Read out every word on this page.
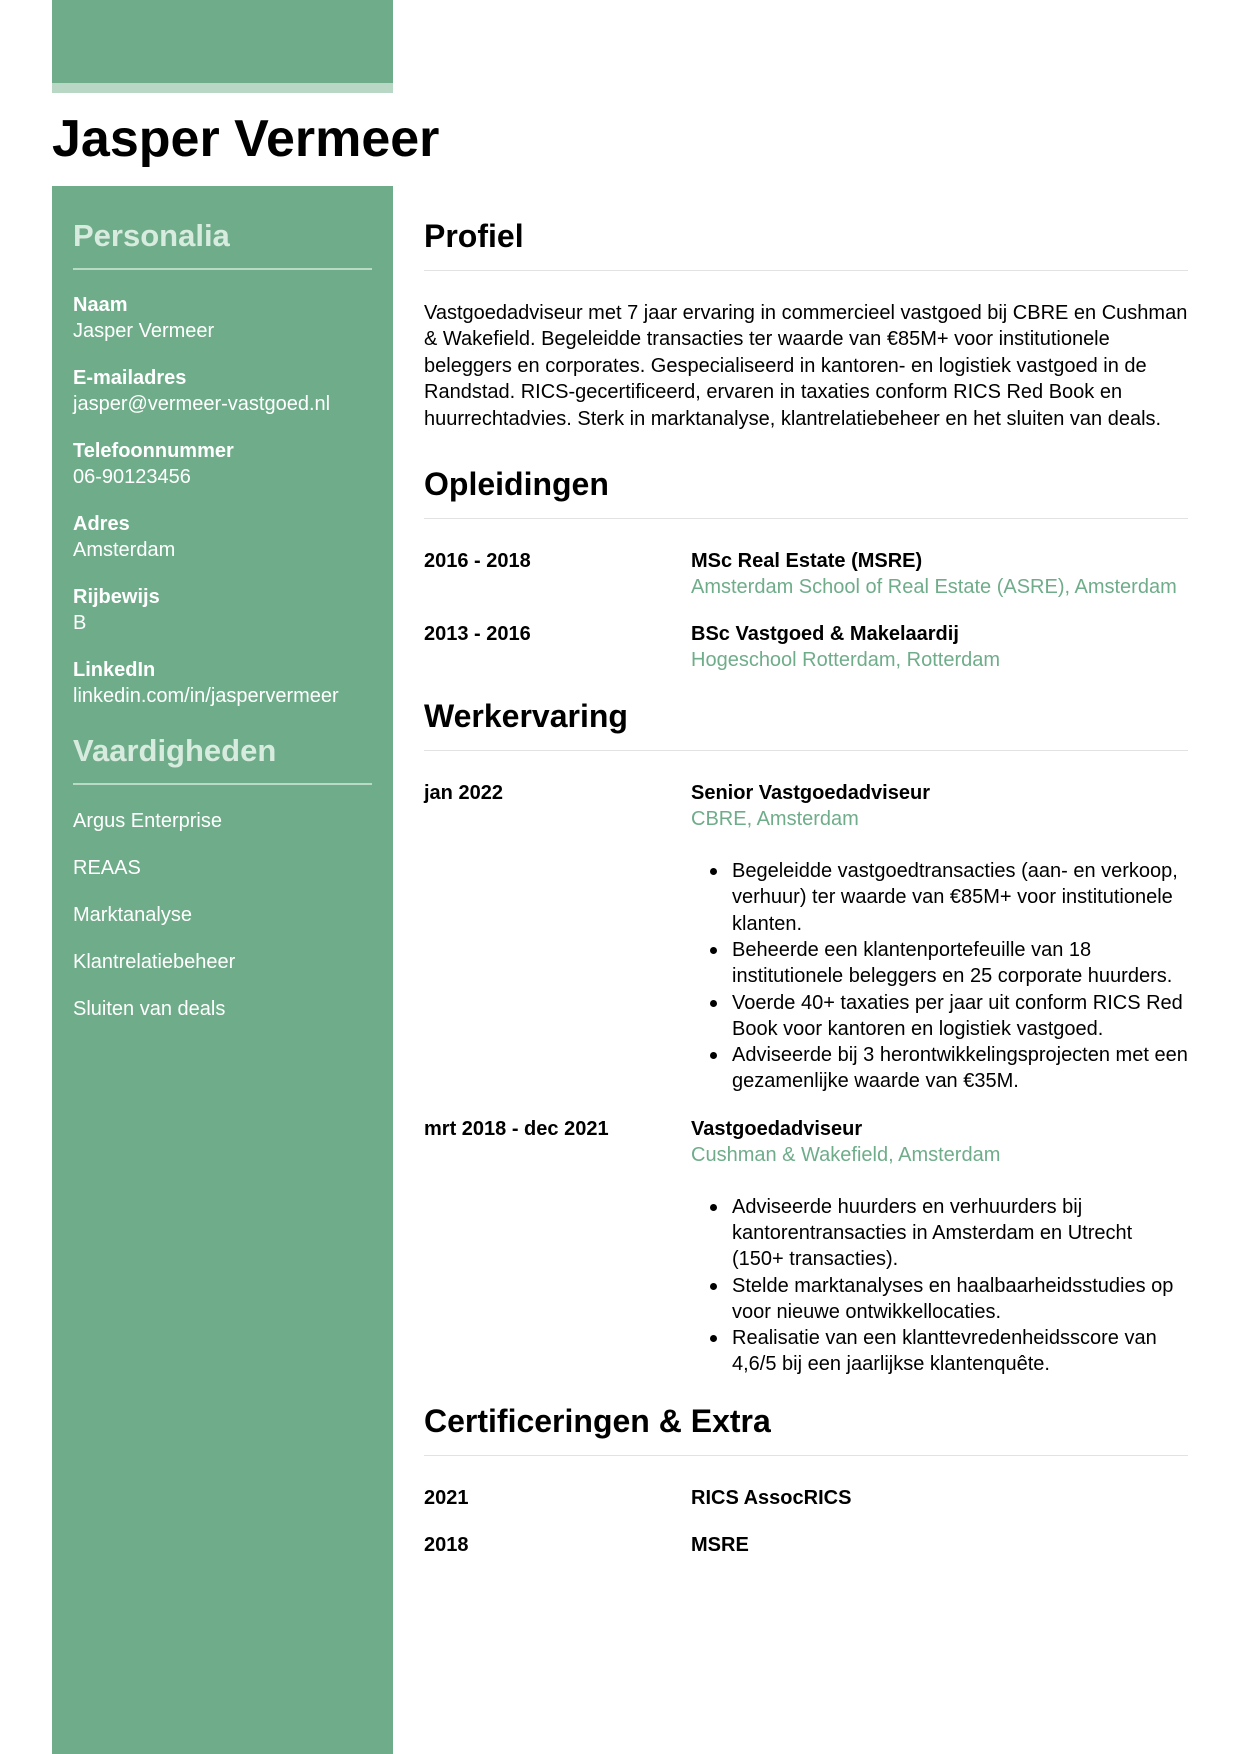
Jasper Vermeer
Personalia
Naam
Jasper Vermeer
E-mailadres
jasper@vermeer-vastgoed.nl
Telefoonnummer
06-90123456
Adres
Amsterdam
Rijbewijs
B
LinkedIn
linkedin.com/in/jaspervermeer
Vaardigheden
Argus Enterprise
REAAS
Marktanalyse
Klantrelatiebeheer
Sluiten van deals
Profiel

Vastgoedadviseur met 7 jaar ervaring in commercieel vastgoed bij CBRE en Cushman & Wakefield. Begeleidde transacties ter waarde van €85M+ voor institutionele beleggers en corporates. Gespecialiseerd in kantoren- en logistiek vastgoed in de Randstad. RICS-gecertificeerd, ervaren in taxaties conform RICS Red Book en huurrechtadvies. Sterk in marktanalyse, klantrelatiebeheer en het sluiten van deals.

Opleidingen
2016 - 2018	MSc Real Estate (MSRE)
Amsterdam School of Real Estate (ASRE), Amsterdam
2013 - 2016	BSc Vastgoed & Makelaardij
Hogeschool Rotterdam, Rotterdam
Werkervaring
jan 2022	Senior Vastgoedadviseur
CBRE, Amsterdam
Begeleidde vastgoedtransacties (aan- en verkoop, verhuur) ter waarde van €85M+ voor institutionele klanten.
Beheerde een klantenportefeuille van 18 institutionele beleggers en 25 corporate huurders.
Voerde 40+ taxaties per jaar uit conform RICS Red Book voor kantoren en logistiek vastgoed.
Adviseerde bij 3 herontwikkelingsprojecten met een gezamenlijke waarde van €35M.
mrt 2018 - dec 2021	Vastgoedadviseur
Cushman & Wakefield, Amsterdam
Adviseerde huurders en verhuurders bij kantorentransacties in Amsterdam en Utrecht (150+ transacties).
Stelde marktanalyses en haalbaarheidsstudies op voor nieuwe ontwikkellocaties.
Realisatie van een klanttevredenheidsscore van 4,6/5 bij een jaarlijkse klantenquête.
Certificeringen & Extra
2021	RICS AssocRICS
2018	MSRE
